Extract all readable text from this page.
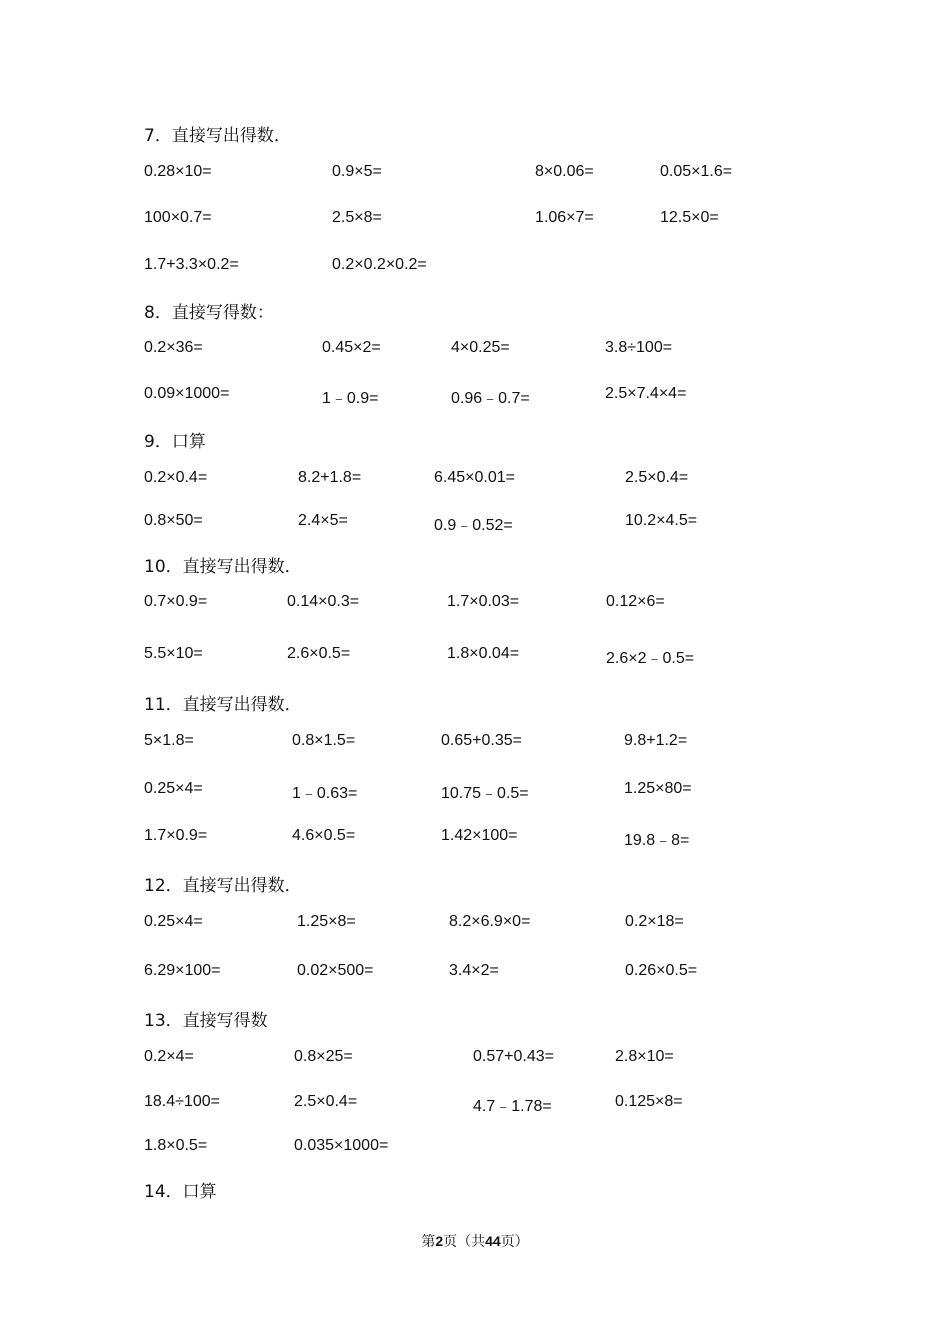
7．直接写出得数．
0.28×10=	0.9×5=	8×0.06=	0.05×1.6=
100×0.7=	2.5×8=	1.06×7=	12.5×0=
1.7+3.3×0.2=	0.2×0.2×0.2=
8．直接写得数：
0.2×36=	0.45×2=	4×0.25=	3.8÷100=
0.09×1000=	1﹣0.9=	0.96﹣0.7=	2.5×7.4×4=
9．口算
0.2×0.4=	8.2+1.8=	6.45×0.01=	2.5×0.4=
0.8×50=	2.4×5=	0.9﹣0.52=	10.2×4.5=
10．直接写出得数．
0.7×0.9=	0.14×0.3=	1.7×0.03=	0.12×6=
5.5×10=	2.6×0.5=	1.8×0.04=	2.6×2﹣0.5=
11．直接写出得数．
5×1.8=	0.8×1.5=	0.65+0.35=	9.8+1.2=
0.25×4=	1﹣0.63=	10.75﹣0.5=	1.25×80=
1.7×0.9=	4.6×0.5=	1.42×100=	19.8﹣8=
12．直接写出得数．
0.25×4=	1.25×8=	8.2×6.9×0=	0.2×18=
6.29×100=	0.02×500=	3.4×2=	0.26×0.5=
13．直接写得数
0.2×4=	0.8×25=	0.57+0.43=	2.8×10=
18.4÷100=	2.5×0.4=	4.7﹣1.78=	0.125×8=
1.8×0.5=	0.035×1000=
14．口算
第2页（共44页）
